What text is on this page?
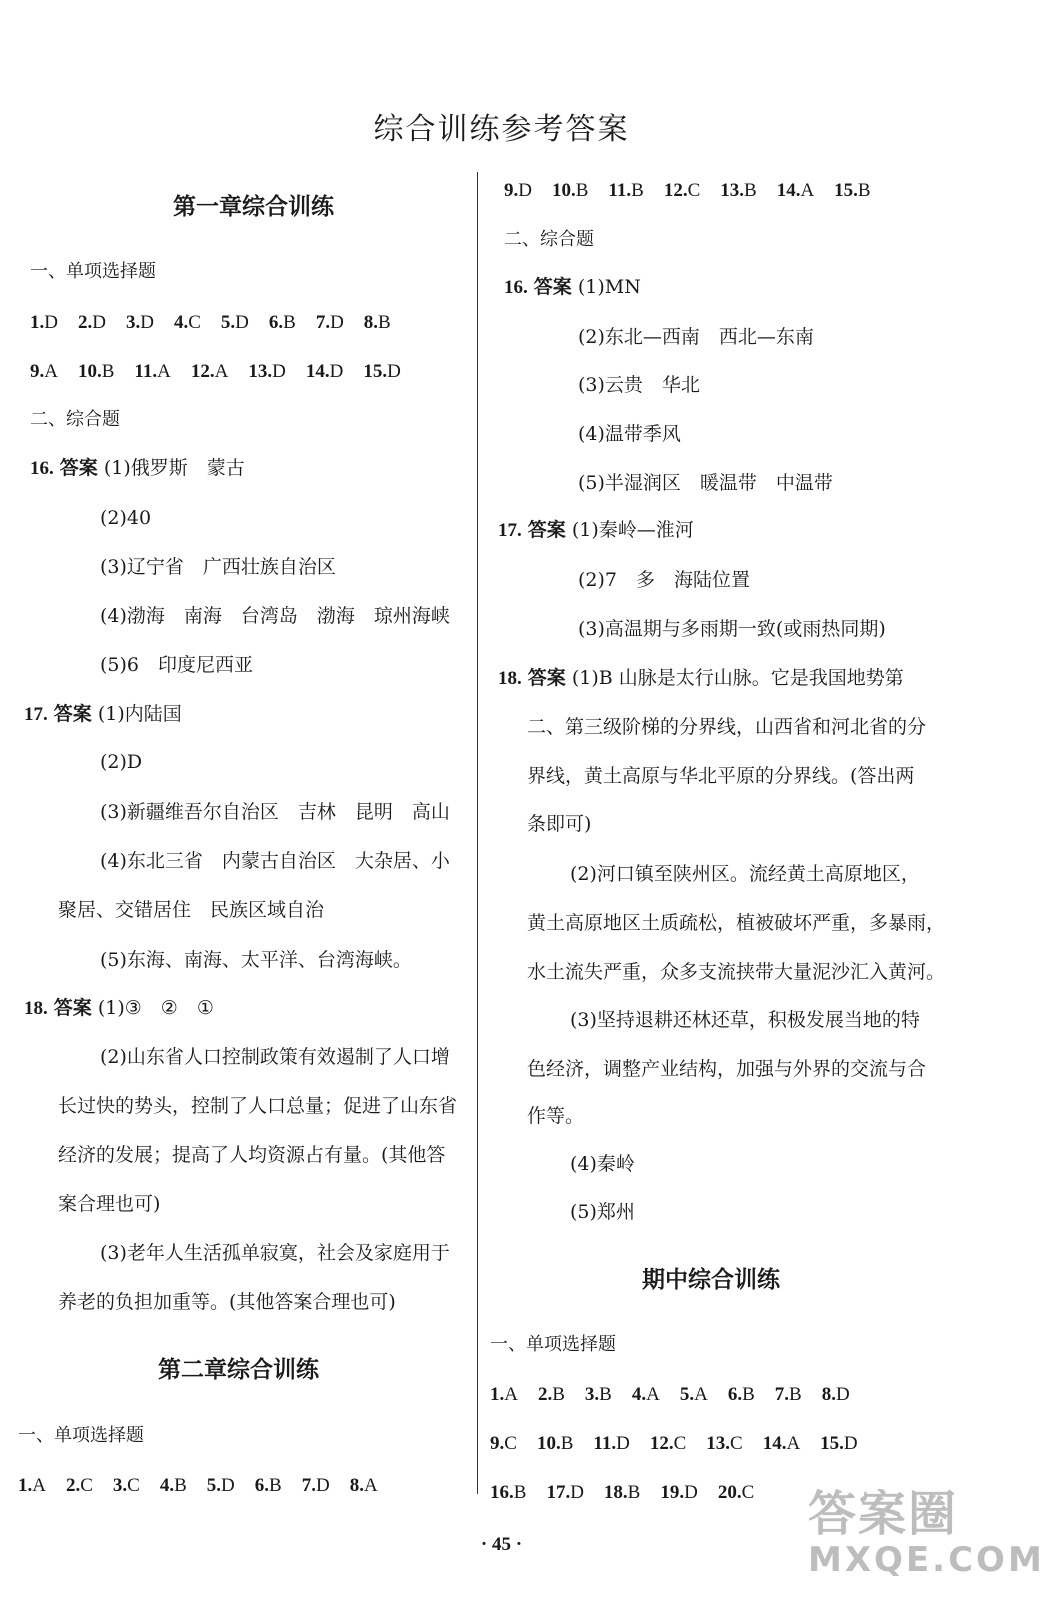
综合训练参考答案
第一章综合训练
一、单项选择题
1.D 2.D 3.D 4.C 5.D 6.B 7.D 8.B
9.A 10.B 11.A 12.A 13.D 14.D 15.D
二、综合题
16. 答案 (1)俄罗斯　蒙古
(2)40
(3)辽宁省　广西壮族自治区
(4)渤海　南海　台湾岛　渤海　琼州海峡
(5)6　印度尼西亚
17. 答案 (1)内陆国
(2)D
(3)新疆维吾尔自治区　吉林　昆明　高山
(4)东北三省　内蒙古自治区　大杂居、小
聚居、交错居住　民族区域自治
(5)东海、南海、太平洋、台湾海峡。
18. 答案 (1)③　②　①
(2)山东省人口控制政策有效遏制了人口增
长过快的势头，控制了人口总量；促进了山东省
经济的发展；提高了人均资源占有量。(其他答
案合理也可)
(3)老年人生活孤单寂寞，社会及家庭用于
养老的负担加重等。(其他答案合理也可)
第二章综合训练
一、单项选择题
1.A 2.C 3.C 4.B 5.D 6.B 7.D 8.A
9.D 10.B 11.B 12.C 13.B 14.A 15.B
二、综合题
16. 答案 (1)MN
(2)东北—西南　西北—东南
(3)云贵　华北
(4)温带季风
(5)半湿润区　暖温带　中温带
17. 答案 (1)秦岭—淮河
(2)7　多　海陆位置
(3)高温期与多雨期一致(或雨热同期)
18. 答案 (1)B 山脉是太行山脉。它是我国地势第
二、第三级阶梯的分界线，山西省和河北省的分
界线，黄土高原与华北平原的分界线。(答出两
条即可)
(2)河口镇至陕州区。流经黄土高原地区，
黄土高原地区土质疏松，植被破坏严重，多暴雨，
水土流失严重，众多支流挟带大量泥沙汇入黄河。
(3)坚持退耕还林还草，积极发展当地的特
色经济，调整产业结构，加强与外界的交流与合
作等。
(4)秦岭
(5)郑州
期中综合训练
一、单项选择题
1.A 2.B 3.B 4.A 5.A 6.B 7.B 8.D
9.C 10.B 11.D 12.C 13.C 14.A 15.D
16.B 17.D 18.B 19.D 20.C
· 45 ·
答案圈
MXQE.COM
